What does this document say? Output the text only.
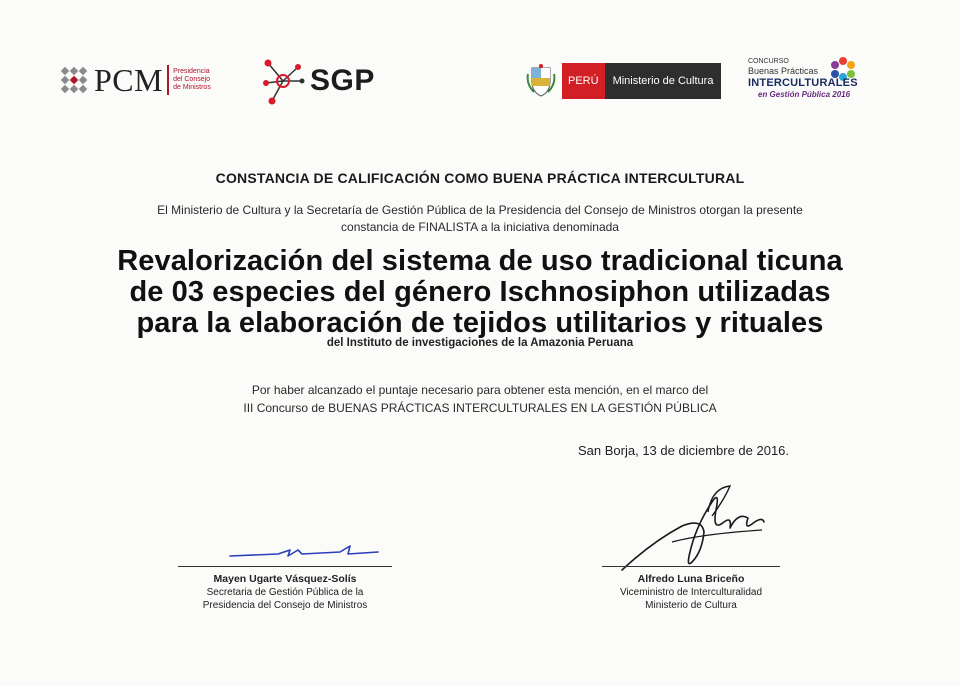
PCM Presidencia
del Consejo
de Ministros	SGP	PERÚ	Ministerio de Cultura
CONCURSO
Buenas Prácticas
INTERCULTURALES
en Gestión Pública 2016
CONSTANCIA DE CALIFICACIÓN COMO BUENA PRÁCTICA INTERCULTURAL
El Ministerio de Cultura y la Secretaría de Gestión Pública de la Presidencia del Consejo de Ministros otorgan la presente
constancia de FINALISTA a la iniciativa denominada
Revalorización del sistema de uso tradicional ticuna
de 03 especies del género Ischnosiphon utilizadas
para la elaboración de tejidos utilitarios y rituales
del Instituto de investigaciones de la Amazonia Peruana
Por haber alcanzado el puntaje necesario para obtener esta mención, en el marco del
III Concurso de BUENAS PRÁCTICAS INTERCULTURALES EN LA GESTIÓN PÚBLICA
San Borja, 13 de diciembre de 2016.
Mayen Ugarte Vásquez-Solís
Secretaria de Gestión Pública de la
Presidencia del Consejo de Ministros
Alfredo Luna Briceño
Viceministro de Interculturalidad
Ministerio de Cultura
